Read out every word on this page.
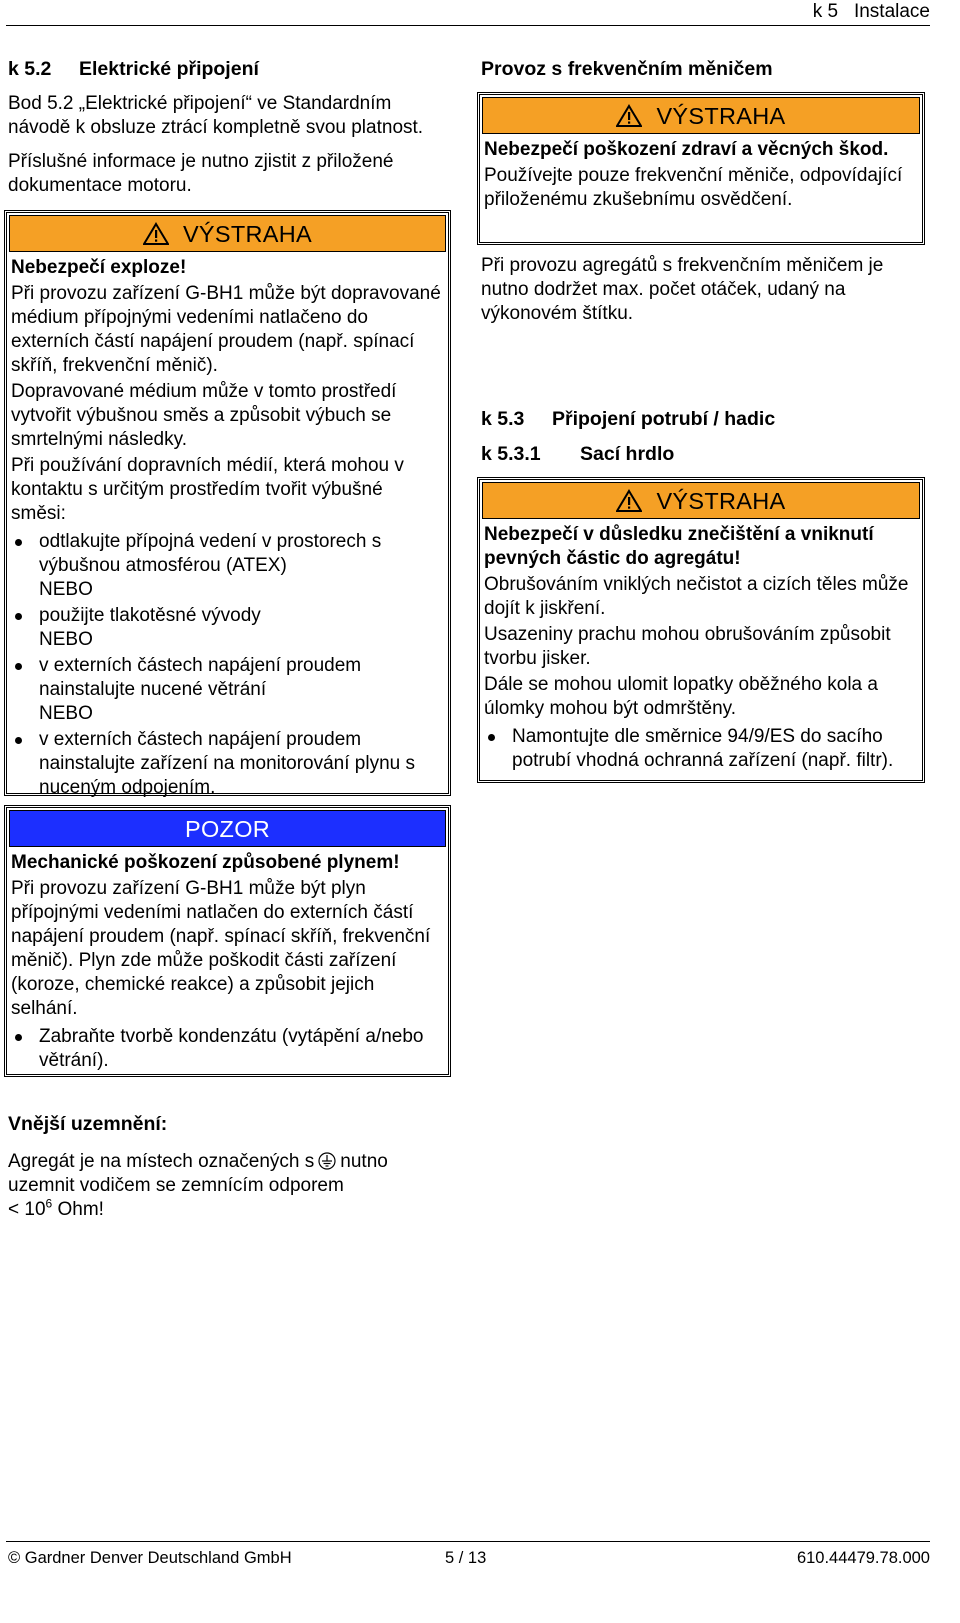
k 5 Instalace
k 5.2 Elektrické připojení

Bod 5.2 „Elektrické připojení“ ve Standardním návodě k obsluze ztrácí kompletně svou platnost.

Příslušné informace je nutno zjistit z přiložené dokumentace motoru.

VÝSTRAHA

Nebezpečí exploze!

Při provozu zařízení G-BH1 může být dopravované médium přípojnými vedeními natlačeno do externích částí napájení proudem (např. spínací skříň, frekvenční měnič).

Dopravované médium může v tomto prostředí vytvořit výbušnou směs a způsobit výbuch se smrtelnými následky.

Při používání dopravních médií, která mohou v kontaktu s určitým prostředím tvořit výbušné směsi:

odtlakujte přípojná vedení v prostorech s výbušnou atmosférou (ATEX)
NEBO
použijte tlakotěsné vývody
NEBO
v externích částech napájení proudem nainstalujte nucené větrání
NEBO
v externích částech napájení proudem nainstalujte zařízení na monitorování plynu s nuceným odpojením.
POZOR

Mechanické poškození způsobené plynem!

Při provozu zařízení G-BH1 může být plyn přípojnými vedeními natlačen do externích částí napájení proudem (např. spínací skříň, frekvenční měnič). Plyn zde může poškodit části zařízení (koroze, chemické reakce) a způsobit jejich selhání.

Zabraňte tvorbě kondenzátu (vytápění a/nebo větrání).
Vnější uzemnění:
Agregát je na místech označených s nutno uzemnit vodičem se zemnícím odporem
< $10^6$ Ohm!
Provoz s frekvenčním měničem
VÝSTRAHA

Nebezpečí poškození zdraví a věcných škod.

Používejte pouze frekvenční měniče, odpovídající přiloženému zkušebnímu osvědčení.

Při provozu agregátů s frekvenčním měničem je nutno dodržet max. počet otáček, udaný na výkonovém štítku.

k 5.3 Připojení potrubí / hadic
k 5.3.1 Sací hrdlo
VÝSTRAHA

Nebezpečí v důsledku znečištění a vniknutí pevných částic do agregátu!

Obrušováním vniklých nečistot a cizích těles může dojít k jiskření.

Usazeniny prachu mohou obrušováním způsobit tvorbu jisker.

Dále se mohou ulomit lopatky oběžného kola a úlomky mohou být odmrštěny.

Namontujte dle směrnice 94/9/ES do sacího potrubí vhodná ochranná zařízení (např. filtr).
© Gardner Denver Deutschland GmbH	5 / 13	610.44479.78.000
